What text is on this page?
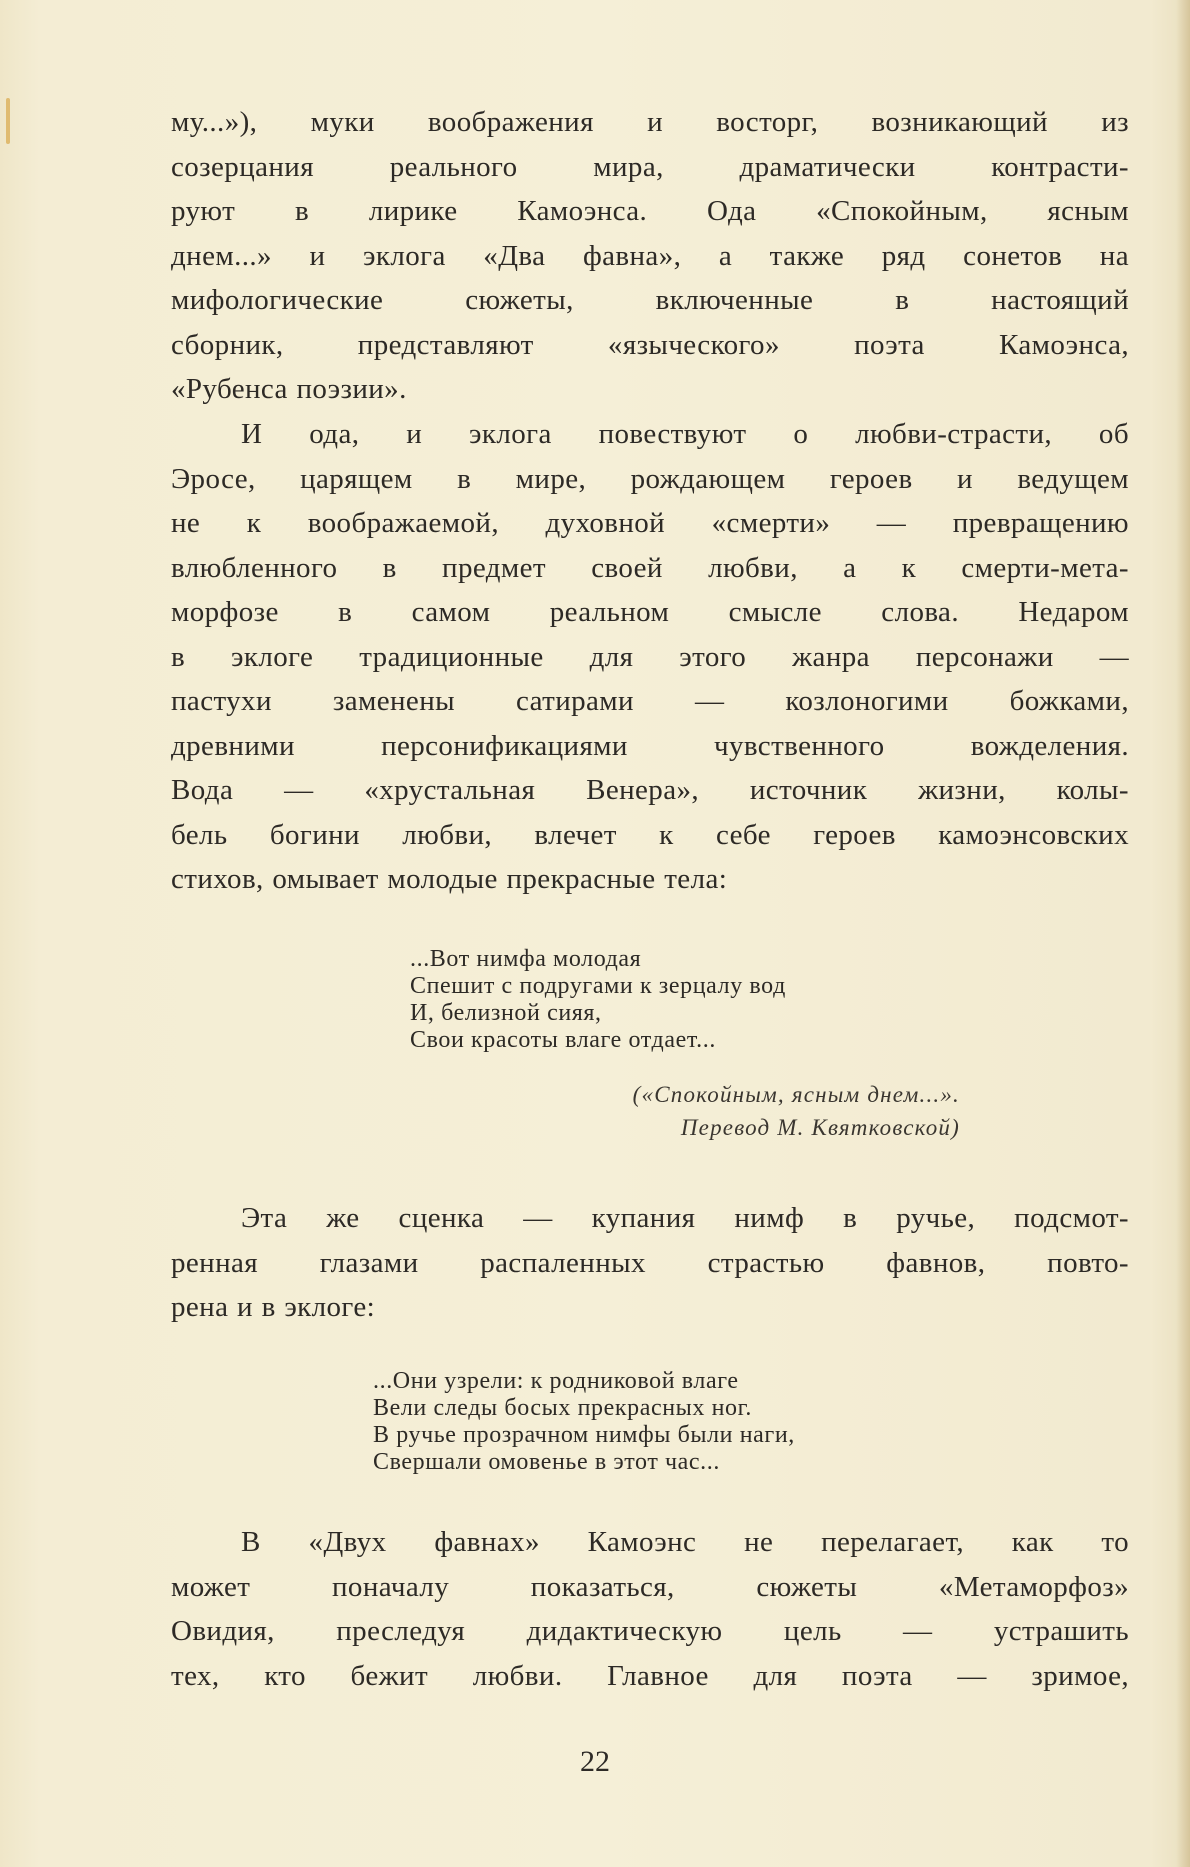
му...»), муки воображения и восторг, возникающий из
созерцания реального мира, драматически контрасти-
руют в лирике Камоэнса. Ода «Спокойным, ясным
днем...» и эклога «Два фавна», а также ряд сонетов на
мифологические сюжеты, включенные в настоящий
сборник, представляют «языческого» поэта Камоэнса,
«Рубенса поэзии».
И ода, и эклога повествуют о любви-страсти, об
Эросе, царящем в мире, рождающем героев и ведущем
не к воображаемой, духовной «смерти» — превращению
влюбленного в предмет своей любви, а к смерти-мета-
морфозе в самом реальном смысле слова. Недаром
в эклоге традиционные для этого жанра персонажи —
пастухи заменены сатирами — козлоногими божками,
древними персонификациями чувственного вожделения.
Вода — «хрустальная Венера», источник жизни, колы-
бель богини любви, влечет к себе героев камоэнсовских
стихов, омывает молодые прекрасные тела:
...Вот нимфа молодая
Спешит с подругами к зерцалу вод
И, белизной сияя,
Свои красоты влаге отдает...
(«Спокойным, ясным днем...».
Перевод М. Квятковской)
Эта же сценка — купания нимф в ручье, подсмот-
ренная глазами распаленных страстью фавнов, повто-
рена и в эклоге:
...Они узрели: к родниковой влаге
Вели следы босых прекрасных ног.
В ручье прозрачном нимфы были наги,
Свершали омовенье в этот час...
В «Двух фавнах» Камоэнс не перелагает, как то
может поначалу показаться, сюжеты «Метаморфоз»
Овидия, преследуя дидактическую цель — устрашить
тех, кто бежит любви. Главное для поэта — зримое,
22
